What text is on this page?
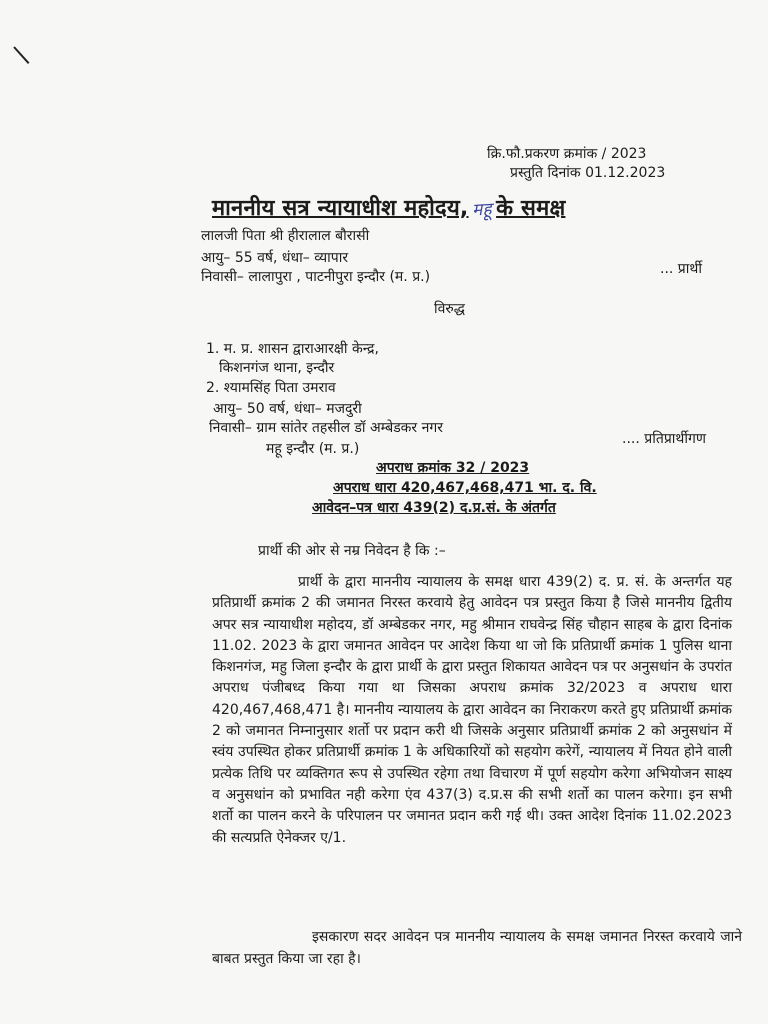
क्रि.फौ.प्रकरण क्रमांक / 2023
प्रस्तुति दिनांक 01.12.2023
माननीय सत्र न्यायाधीश महोदय, महू के समक्ष
लालजी पिता श्री हीरालाल बौरासी
आयु– 55 वर्ष, धंधा– व्यापार
निवासी– लालापुरा , पाटनीपुरा इन्दौर (म. प्र.)	... प्रार्थी
विरुद्ध
1. म. प्र. शासन द्वाराआरक्षी केन्द्र,
किशनगंज थाना, इन्दौर
2. श्यामसिंह पिता उमराव
आयु– 50 वर्ष, धंधा– मजदुरी
निवासी– ग्राम सांतेर तहसील डॉ अम्बेडकर नगर
महू इन्दौर (म. प्र.)
.... प्रतिप्रार्थीगण
अपराध क्रमांक 32 / 2023
अपराध धारा 420,467,468,471 भा. द. वि.
आवेदन–पत्र धारा 439(2) द.प्र.सं. के अंतर्गत
प्रार्थी की ओर से नम्र निवेदन है कि :–

प्रार्थी के द्वारा माननीय न्यायालय के समक्ष धारा 439(2) द. प्र. सं. के अन्तर्गत यह प्रतिप्रार्थी क्रमांक 2 की जमानत निरस्त करवाये हेतु आवेदन पत्र प्रस्तुत किया है जिसे माननीय द्वितीय अपर सत्र न्यायाधीश महोदय, डॉ अम्बेडकर नगर, महु श्रीमान राघवेन्द्र सिंह चौहान साहब के द्वारा दिनांक 11.02. 2023 के द्वारा जमानत आवेदन पर आदेश किया था जो कि प्रतिप्रार्थी क्रमांक 1 पुलिस थाना किशनगंज, महु जिला इन्दौर के द्वारा प्रार्थी के द्वारा प्रस्तुत शिकायत आवेदन पत्र पर अनुसधांन के उपरांत अपराध पंजीबध्द किया गया था जिसका अपराध क्रमांक 32/2023 व अपराध धारा 420,467,468,471 है। माननीय न्यायालय के द्वारा आवेदन का निराकरण करते हुए प्रतिप्रार्थी क्रमांक 2 को जमानत निम्नानुसार शर्तो पर प्रदान करी थी जिसके अनुसार प्रतिप्रार्थी क्रमांक 2 को अनुसधांन में स्वंय उपस्थित होकर प्रतिप्रार्थी क्रमांक 1 के अधिकारियों को सहयोग करेगें, न्यायालय में नियत होने वाली प्रत्येक तिथि पर व्यक्तिगत रूप से उपस्थित रहेगा तथा विचारण में पूर्ण सहयोग करेगा अभियोजन साक्ष्य व अनुसधांन को प्रभावित नही करेगा एंव 437(3) द.प्र.स की सभी शर्तो का पालन करेगा। इन सभी शर्तो का पालन करने के परिपालन पर जमानत प्रदान करी गई थी। उक्त आदेश दिनांक 11.02.2023 की सत्यप्रति ऐनेक्जर ए/1.

इसकारण सदर आवेदन पत्र माननीय न्यायालय के समक्ष जमानत निरस्त करवाये जाने बाबत प्रस्तुत किया जा रहा है।
